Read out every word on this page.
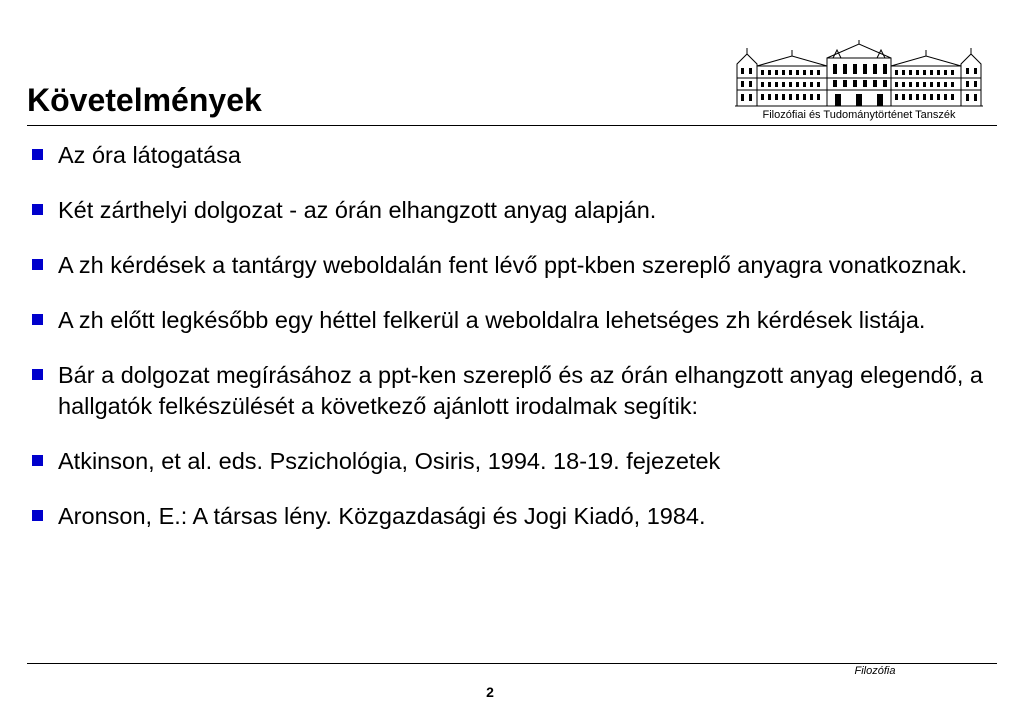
Követelmények	Filozófiai és Tudománytörténet Tanszék
Az óra látogatása
Két zárthelyi dolgozat - az órán elhangzott anyag alapján.
A zh kérdések a tantárgy weboldalán fent lévő ppt-kben szereplő anyagra vonatkoznak.
A zh előtt legkésőbb egy héttel felkerül a weboldalra lehetséges zh kérdések listája.
Bár a dolgozat megírásához a ppt-ken szereplő és az órán elhangzott anyag elegendő, a hallgatók felkészülését a következő ajánlott irodalmak segítik:
Atkinson, et al. eds. Pszichológia, Osiris, 1994. 18-19. fejezetek
Aronson, E.: A társas lény. Közgazdasági és Jogi Kiadó, 1984.
Filozófia
2
